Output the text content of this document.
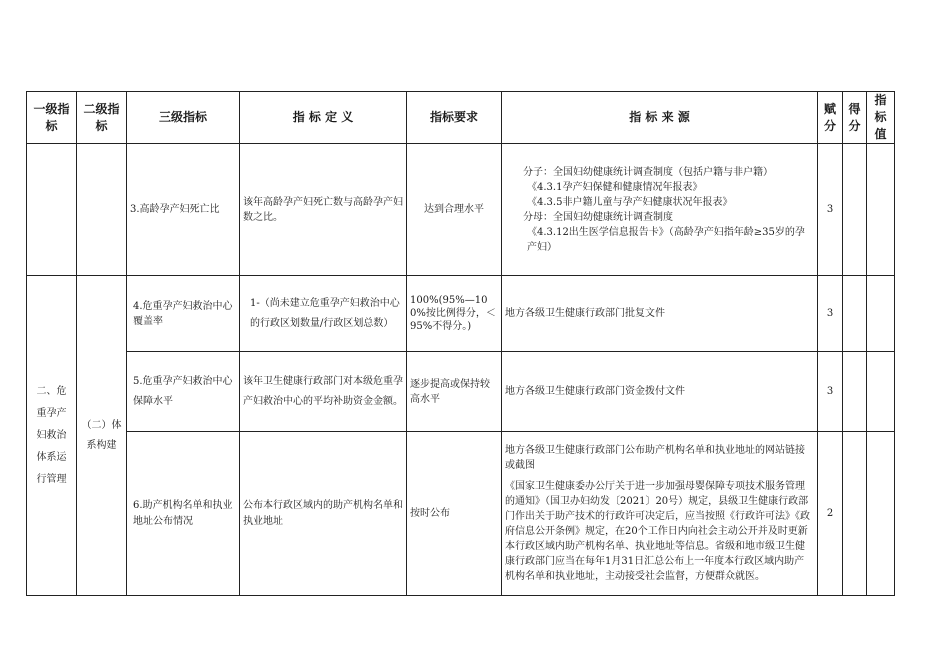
一级指标	二级指标	三级指标	指 标 定 义	指标要求	指 标 来 源	赋分	得分	指标值
		3.高龄孕产妇死亡比	该年高龄孕产妇死亡数与高龄孕产妇数之比。	达到合理水平	分子：全国妇幼健康统计调查制度（包括户籍与非户籍）

《4.3.1孕产妇保健和健康情况年报表》

《4.3.5非户籍儿童与孕产妇健康状况年报表》

分母：全国妇幼健康统计调查制度

《4.3.12出生医学信息报告卡》（高龄孕产妇指年龄≥35岁的孕产妇）	3		
二、危重孕产妇救治体系运行管理	（二）体系构建	4.危重孕产妇救治中心覆盖率	1-（尚未建立危重孕产妇救治中心的行政区划数量/行政区划总数）	100%(95%—100%按比例得分，＜95%不得分。)	地方各级卫生健康行政部门批复文件	3		
		5.危重孕产妇救治中心保障水平	该年卫生健康行政部门对本级危重孕产妇救治中心的平均补助资金金额。	逐步提高或保持较高水平	地方各级卫生健康行政部门资金拨付文件	3		
		6.助产机构名单和执业地址公布情况	公布本行政区域内的助产机构名单和执业地址	按时公布	地方各级卫生健康行政部门公布助产机构名单和执业地址的网站链接或截图

《国家卫生健康委办公厅关于进一步加强母婴保障专项技术服务管理的通知》（国卫办妇幼发〔2021〕20号）规定，县级卫生健康行政部门作出关于助产技术的行政许可决定后，应当按照《行政许可法》《政府信息公开条例》规定，在20个工作日内向社会主动公开并及时更新本行政区域内助产机构名单、执业地址等信息。省级和地市级卫生健康行政部门应当在每年1月31日汇总公布上一年度本行政区域内助产机构名单和执业地址，主动接受社会监督，方便群众就医。	2		
